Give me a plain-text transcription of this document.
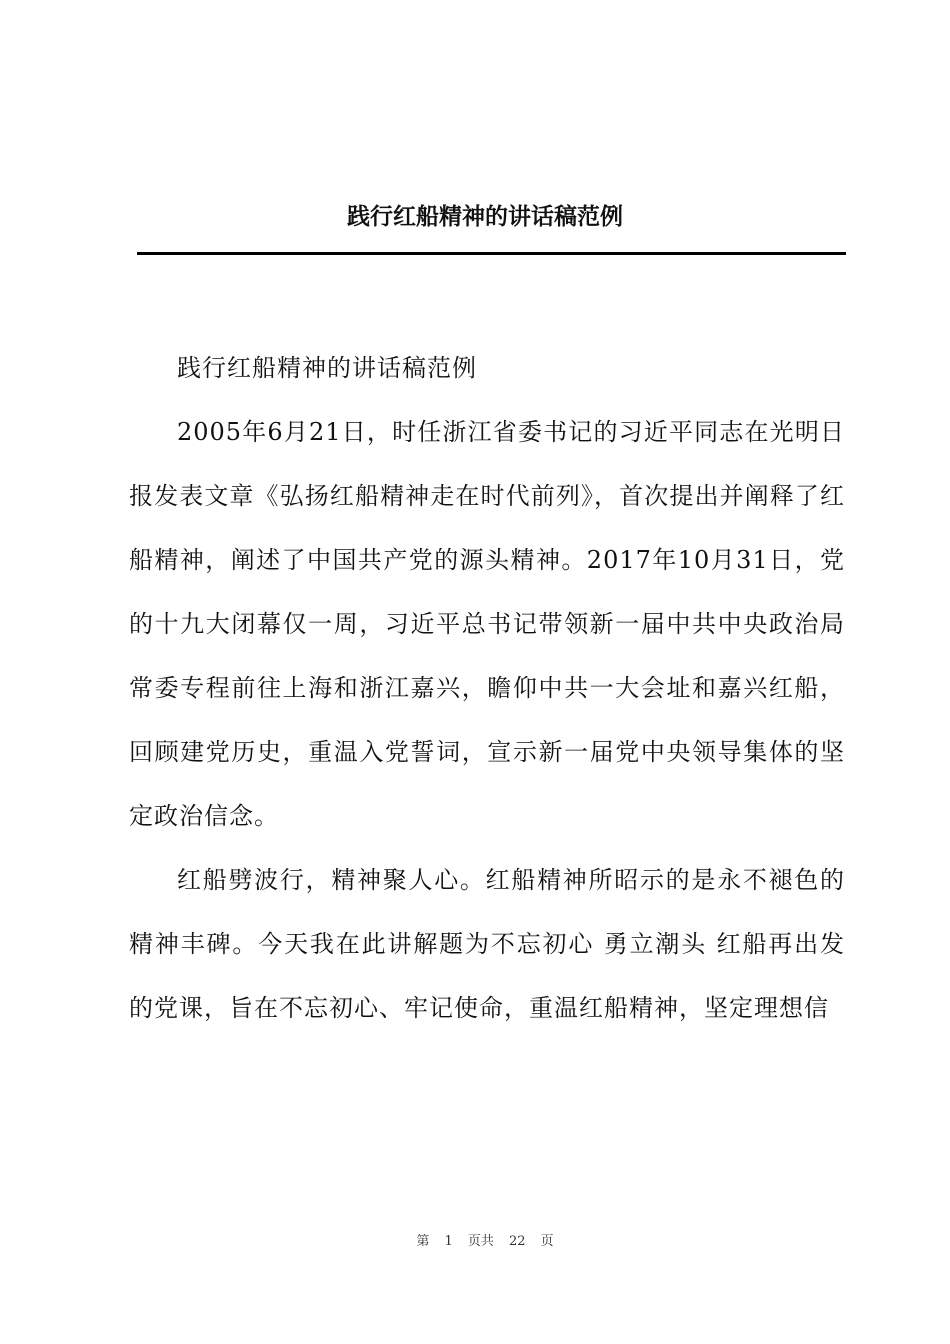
践行红船精神的讲话稿范例

践行红船精神的讲话稿范例

2005年6月21日，时任浙江省委书记的习近平同志在光明日报发表文章《弘扬红船精神走在时代前列》，首次提出并阐释了红船精神，阐述了中国共产党的源头精神。2017年10月31日，党的十九大闭幕仅一周，习近平总书记带领新一届中共中央政治局常委专程前往上海和浙江嘉兴，瞻仰中共一大会址和嘉兴红船，回顾建党历史，重温入党誓词，宣示新一届党中央领导集体的坚定政治信念。

红船劈波行，精神聚人心。红船精神所昭示的是永不褪色的精神丰碑。今天我在此讲解题为不忘初心 勇立潮头 红船再出发的党课，旨在不忘初心、牢记使命，重温红船精神，坚定理想信

第 1 页共 22 页
